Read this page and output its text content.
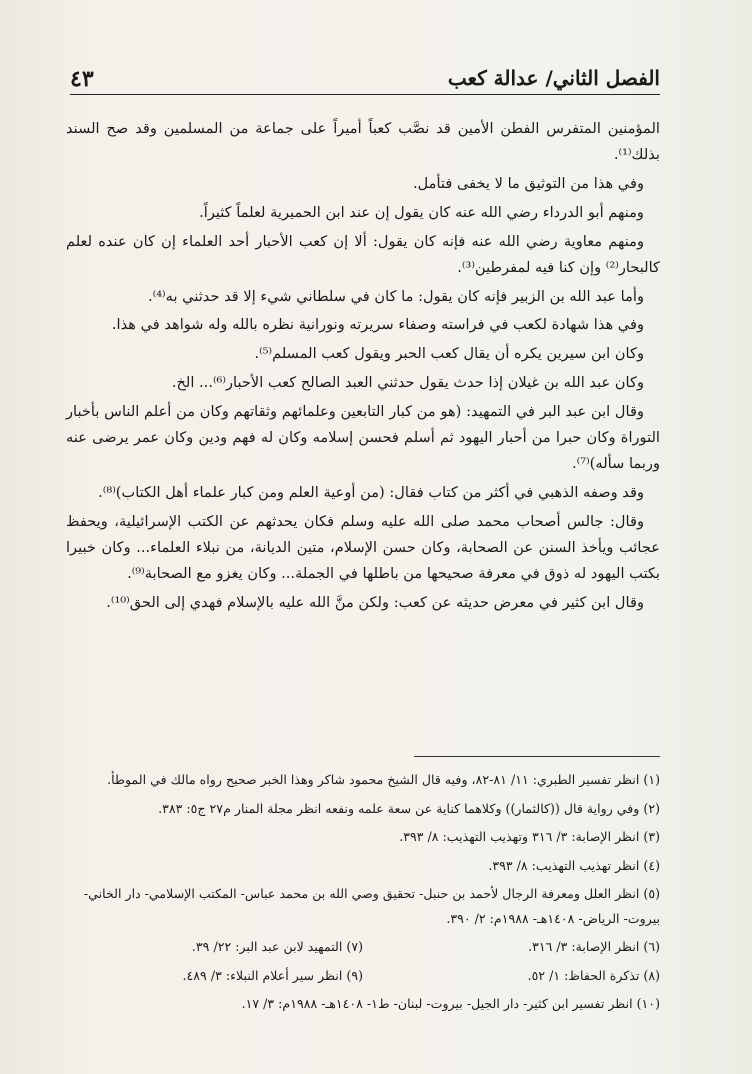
الفصل الثاني/ عدالة كعب
٤٣

المؤمنين المتفرس الفطن الأمين قد نصَّب كعباً أميراً على جماعة من المسلمين وقد صح السند بذلك⁽¹⁾.

وفي هذا من التوثيق ما لا يخفى فتأمل.

ومنهم أبو الدرداء رضي الله عنه كان يقول إن عند ابن الحميرية لعلماً كثيراً.

ومنهم معاوية رضي الله عنه فإنه كان يقول: ألا إن كعب الأحبار أحد العلماء إن كان عنده لعلم كالبحار⁽²⁾ وإن كنا فيه لمفرطين⁽³⁾.

وأما عبد الله بن الزبير فإنه كان يقول: ما كان في سلطاني شيء إلا قد حدثني به⁽⁴⁾.

وفي هذا شهادة لكعب في فراسته وصفاء سريرته ونورانية نظره بالله وله شواهد في هذا.

وكان ابن سيرين يكره أن يقال كعب الحبر ويقول كعب المسلم⁽⁵⁾.

وكان عبد الله بن غيلان إذا حدث يقول حدثني العبد الصالح كعب الأحبار⁽⁶⁾... الخ.

وقال ابن عبد البر في التمهيد: (هو من كبار التابعين وعلمائهم وثقاتهم وكان من أعلم الناس بأخبار التوراة وكان حبرا من أحبار اليهود ثم أسلم فحسن إسلامه وكان له فهم ودين وكان عمر يرضى عنه وربما سأله)⁽⁷⁾.

وقد وصفه الذهبي في أكثر من كتاب فقال: (من أوعية العلم ومن كبار علماء أهل الكتاب)⁽⁸⁾.

وقال: جالس أصحاب محمد صلى الله عليه وسلم فكان يحدثهم عن الكتب الإسرائيلية، ويحفظ عجائب ويأخذ السنن عن الصحابة، وكان حسن الإسلام، متين الديانة، من نبلاء العلماء... وكان خبيرا بكتب اليهود له ذوق في معرفة صحيحها من باطلها في الجملة... وكان يغزو مع الصحابة⁽⁹⁾.

وقال ابن كثير في معرض حديثه عن كعب: ولكن منَّ الله عليه بالإسلام فهدي إلى الحق⁽¹⁰⁾.

(١) انظر تفسير الطبري: ١١/ ٨١-٨٢، وفيه قال الشيخ محمود شاكر وهذا الخبر صحيح رواه مالك في الموطأ.
(٢) وفي رواية قال ((كالثمار)) وكلاهما كناية عن سعة علمه ونفعه انظر مجلة المنار م٢٧ ج٥: ٣٨٣.
(٣) انظر الإصابة: ٣/ ٣١٦ وتهذيب التهذيب: ٨/ ٣٩٣.
(٤) انظر تهذيب التهذيب: ٨/ ٣٩٣.
(٥) انظر العلل ومعرفة الرجال لأحمد بن حنبل- تحقيق وصي الله بن محمد عباس- المكتب الإسلامي- دار الخاني- بيروت- الرياض- ١٤٠٨هـ- ١٩٨٨م: ٢/ ٣٩٠.
(٦) انظر الإصابة: ٣/ ٣١٦.
(٧) التمهيد لابن عبد البر: ٢٢/ ٣٩.
(٨) تذكرة الحفاظ: ١/ ٥٢.
(٩) انظر سير أعلام النبلاء: ٣/ ٤٨٩.
(١٠) انظر تفسير ابن كثير- دار الجيل- بيروت- لبنان- ط١- ١٤٠٨هـ- ١٩٨٨م: ٣/ ١٧.
